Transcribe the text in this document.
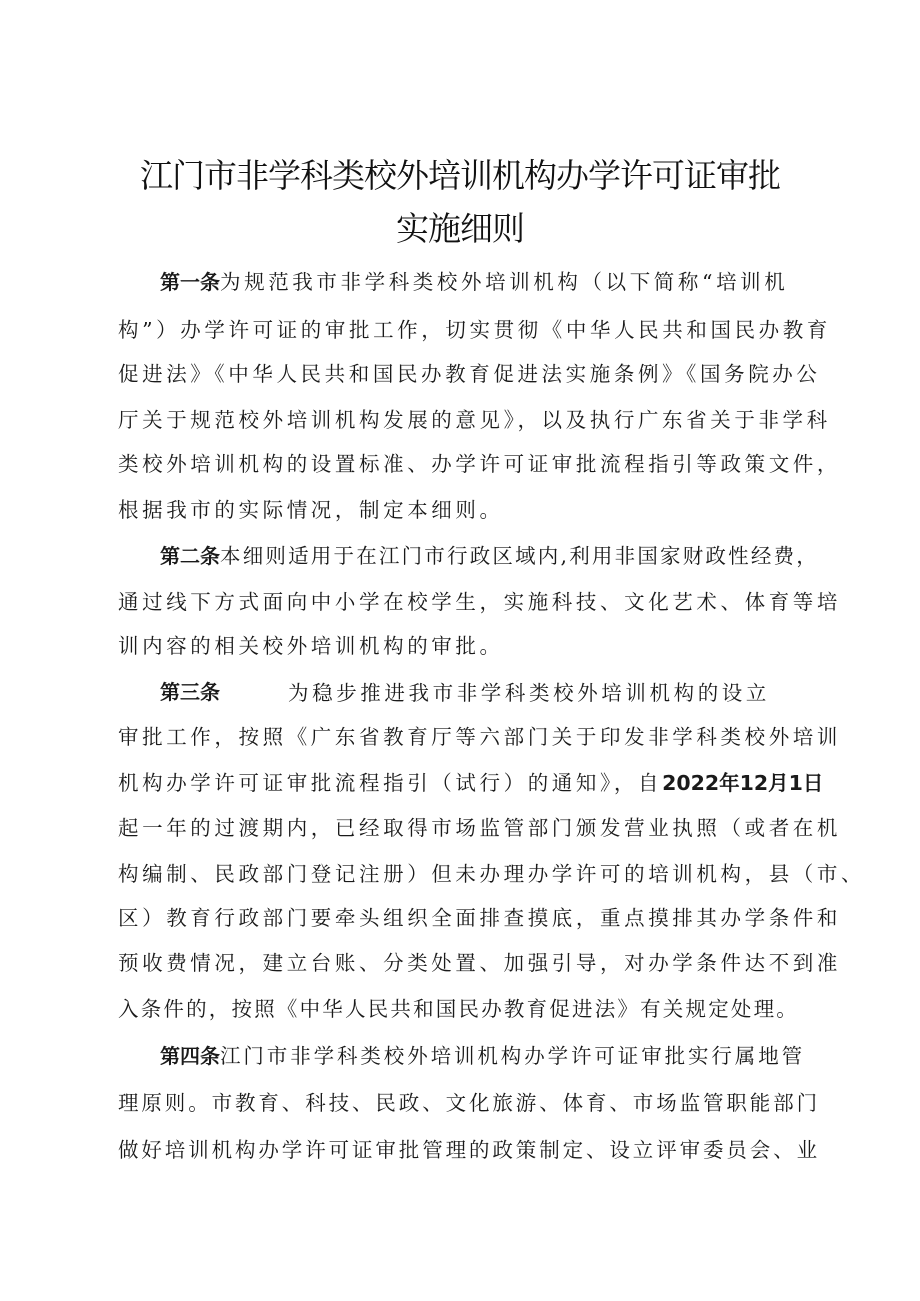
江门市非学科类校外培训机构办学许可证审批
实施细则
第一条为规范我市非学科类校外培训机构（以下简称“培训机
构”）办学许可证的审批工作，切实贯彻《中华人民共和国民办教育
促进法》《中华人民共和国民办教育促进法实施条例》《国务院办公
厅关于规范校外培训机构发展的意见》，以及执行广东省关于非学科
类校外培训机构的设置标准、办学许可证审批流程指引等政策文件，
根据我市的实际情况，制定本细则。
第二条本细则适用于在江门市行政区域内,利用非国家财政性经费，
通过线下方式面向中小学在校学生，实施科技、文化艺术、体育等培
训内容的相关校外培训机构的审批。
第三条	为稳步推进我市非学科类校外培训机构的设立
审批工作，按照《广东省教育厅等六部门关于印发非学科类校外培训
机构办学许可证审批流程指引（试行）的通知》，自2022年12月1日
起一年的过渡期内，已经取得市场监管部门颁发营业执照（或者在机
构编制、民政部门登记注册）但未办理办学许可的培训机构，县（市、
区）教育行政部门要牵头组织全面排查摸底，重点摸排其办学条件和
预收费情况，建立台账、分类处置、加强引导，对办学条件达不到准
入条件的，按照《中华人民共和国民办教育促进法》有关规定处理。
第四条江门市非学科类校外培训机构办学许可证审批实行属地管
理原则。市教育、科技、民政、文化旅游、体育、市场监管职能部门
做好培训机构办学许可证审批管理的政策制定、设立评审委员会、业
